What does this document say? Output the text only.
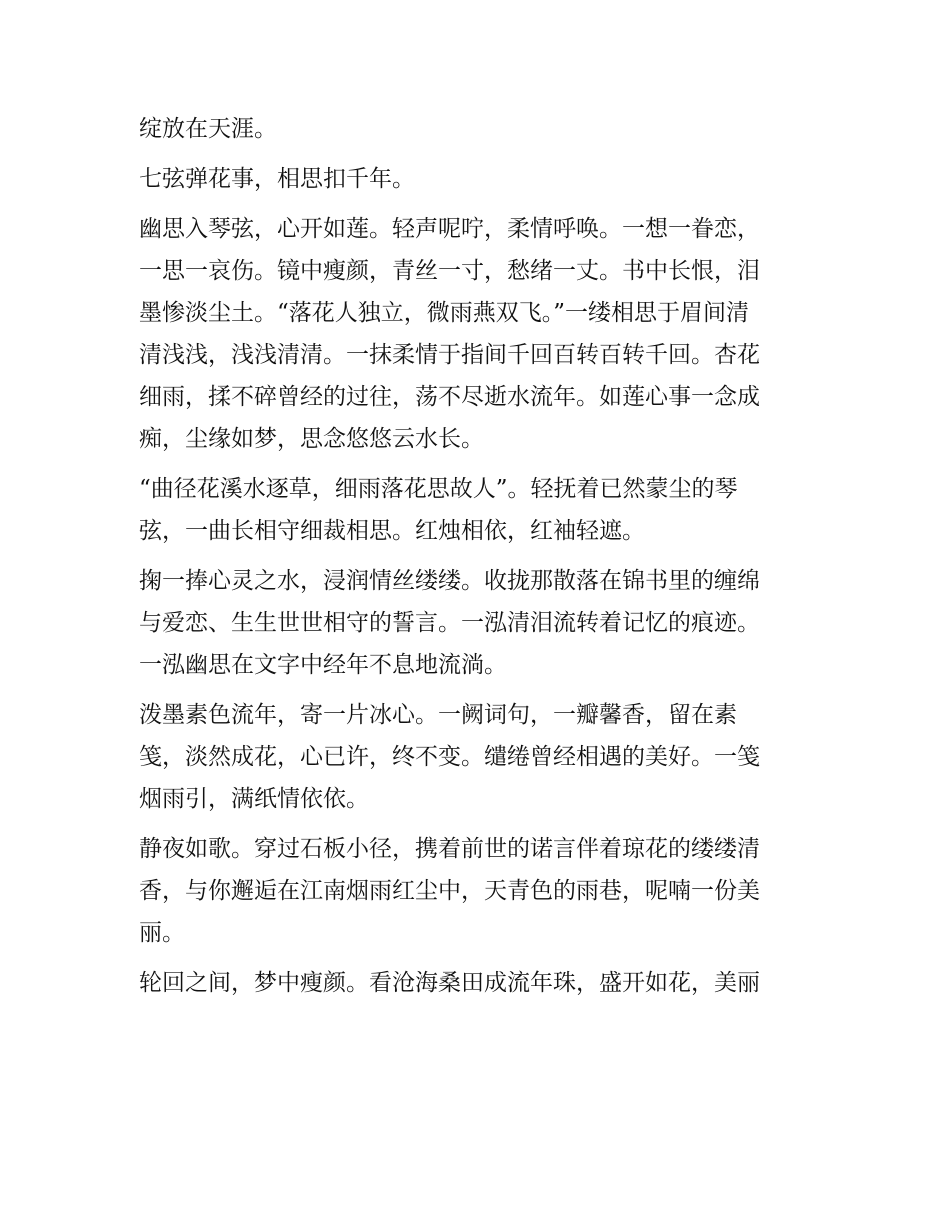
绽放在天涯。

七弦弹花事，相思扣千年。

幽思入琴弦，心开如莲。轻声呢咛，柔情呼唤。一想一眷恋，
一思一哀伤。镜中瘦颜，青丝一寸，愁绪一丈。书中长恨，泪
墨惨淡尘土。“落花人独立，微雨燕双飞。”一缕相思于眉间清
清浅浅，浅浅清清。一抹柔情于指间千回百转百转千回。杏花
细雨，揉不碎曾经的过往，荡不尽逝水流年。如莲心事一念成
痴，尘缘如梦，思念悠悠云水长。

“曲径花溪水逐草，细雨落花思故人”。轻抚着已然蒙尘的琴
弦，一曲长相守细裁相思。红烛相依，红袖轻遮。

掬一捧心灵之水，浸润情丝缕缕。收拢那散落在锦书里的缠绵
与爱恋、生生世世相守的誓言。一泓清泪流转着记忆的痕迹。
一泓幽思在文字中经年不息地流淌。

泼墨素色流年，寄一片冰心。一阙词句，一瓣馨香，留在素
笺，淡然成花，心已许，终不变。缱绻曾经相遇的美好。一笺
烟雨引，满纸情依依。

静夜如歌。穿过石板小径，携着前世的诺言伴着琼花的缕缕清
香，与你邂逅在江南烟雨红尘中，天青色的雨巷，呢喃一份美
丽。

轮回之间，梦中瘦颜。看沧海桑田成流年珠，盛开如花，美丽
